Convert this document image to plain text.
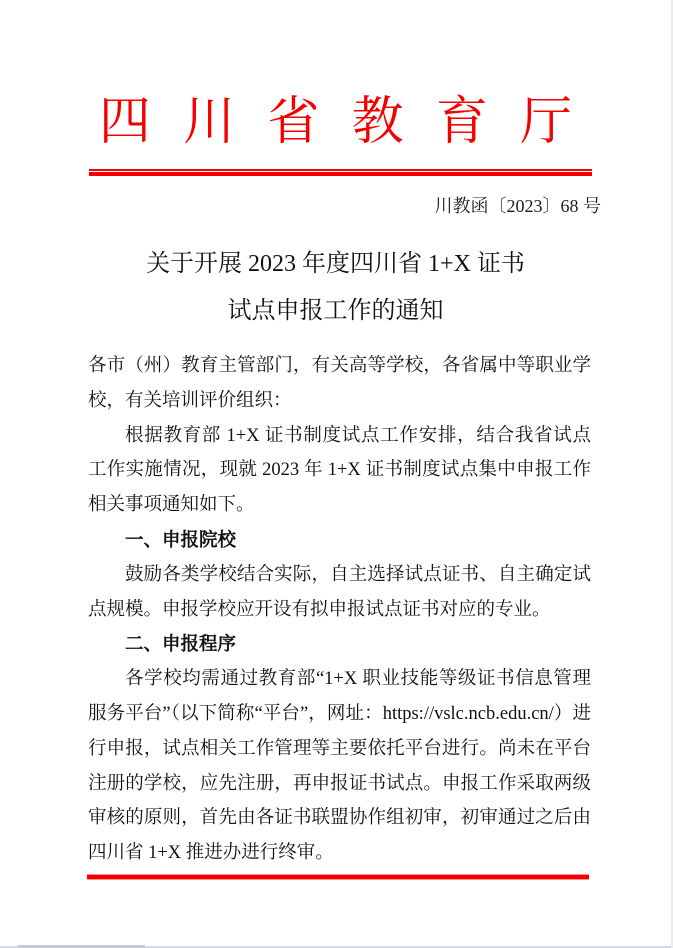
四川省教育厅
川教函〔2023〕68 号
关于开展 2023 年度四川省 1+X 证书
试点申报工作的通知

各市（州）教育主管部门，有关高等学校，各省属中等职业学校，有关培训评价组织：

根据教育部 1+X 证书制度试点工作安排，结合我省试点工作实施情况，现就 2023 年 1+X 证书制度试点集中申报工作相关事项通知如下。

一、申报院校

鼓励各类学校结合实际，自主选择试点证书、自主确定试点规模。申报学校应开设有拟申报试点证书对应的专业。

二、申报程序

各学校均需通过教育部“1+X 职业技能等级证书信息管理服务平台”（以下简称“平台”，网址：https://vslc.ncb.edu.cn/）进行申报，试点相关工作管理等主要依托平台进行。尚未在平台注册的学校，应先注册，再申报证书试点。申报工作采取两级审核的原则，首先由各证书联盟协作组初审，初审通过之后由四川省 1+X 推进办进行终审。
